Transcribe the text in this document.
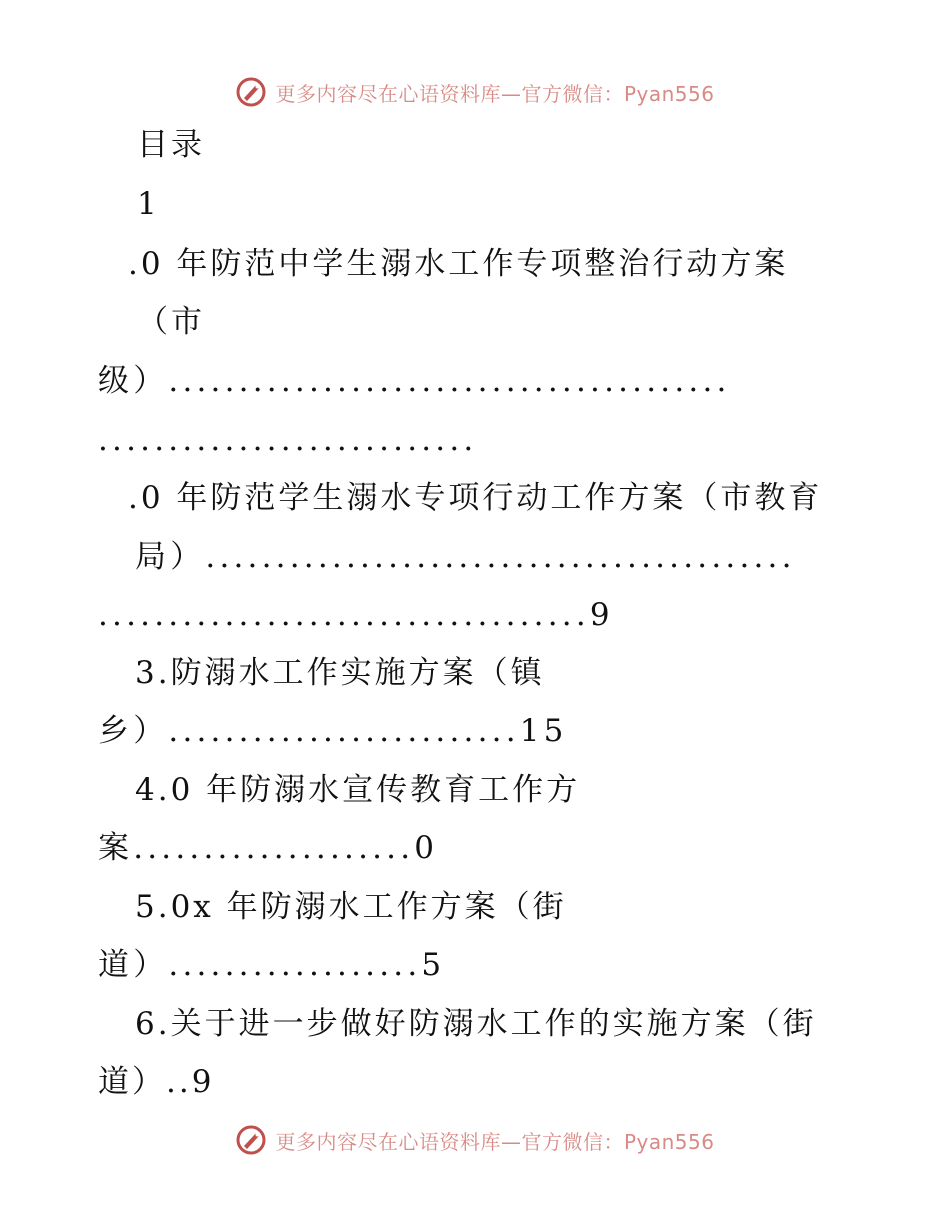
更多内容尽在心语资料库—官方微信：Pyan556
目录
1
.0 年防范中学生溺水工作专项整治行动方案
（市
级）........................................
...........................
.0 年防范学生溺水专项行动工作方案（市教育
局）..........................................
...................................9
3.防溺水工作实施方案（镇
乡）.........................15
4.0 年防溺水宣传教育工作方
案....................0
5.0x 年防溺水工作方案（街
道）..................5
6.关于进一步做好防溺水工作的实施方案（街
道）..9
更多内容尽在心语资料库—官方微信：Pyan556
